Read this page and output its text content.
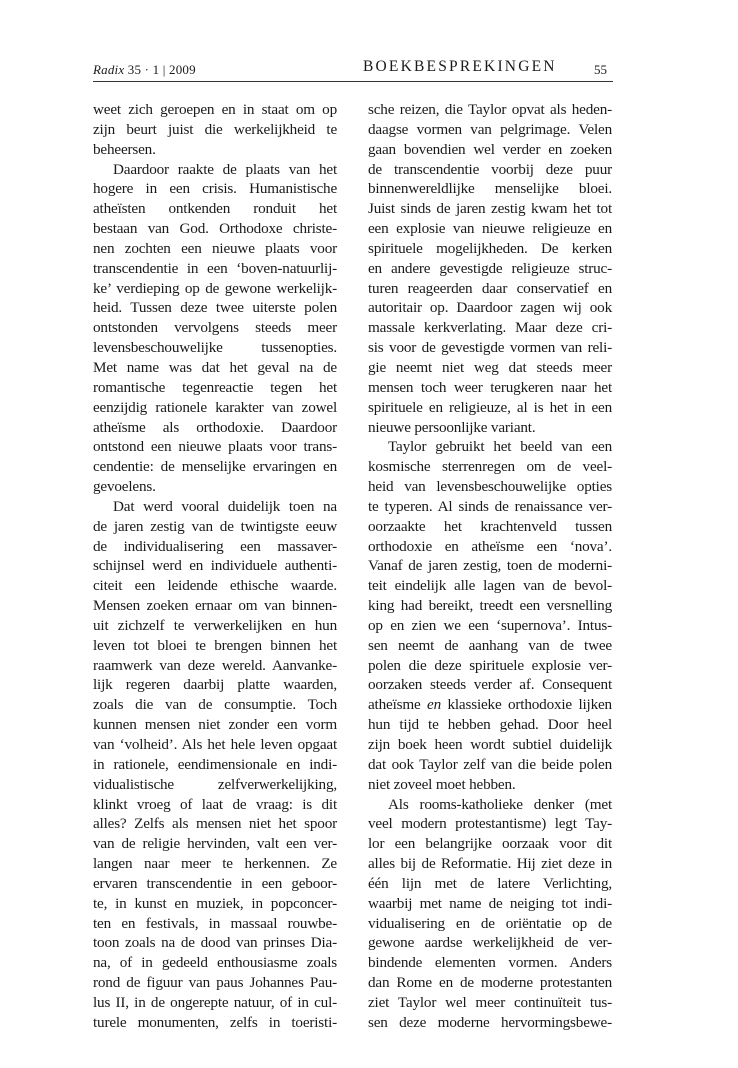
Radix 35 · 1 | 2009	BOEKBESPREKINGEN	55
weet zich geroepen en in staat om op
zijn beurt juist die werkelijkheid te
beheersen.
Daardoor raakte de plaats van het
hogere in een crisis. Humanistische
atheïsten ontkenden ronduit het
bestaan van God. Orthodoxe christe-
nen zochten een nieuwe plaats voor
transcendentie in een ‘boven-natuurlij-
ke’ verdieping op de gewone werkelijk-
heid. Tussen deze twee uiterste polen
ontstonden vervolgens steeds meer
levensbeschouwelijke tussenopties.
Met name was dat het geval na de
romantische tegenreactie tegen het
eenzijdig rationele karakter van zowel
atheïsme als orthodoxie. Daardoor
ontstond een nieuwe plaats voor trans-
cendentie: de menselijke ervaringen en
gevoelens.
Dat werd vooral duidelijk toen na
de jaren zestig van de twintigste eeuw
de individualisering een massaver-
schijnsel werd en individuele authenti-
citeit een leidende ethische waarde.
Mensen zoeken ernaar om van binnen-
uit zichzelf te verwerkelijken en hun
leven tot bloei te brengen binnen het
raamwerk van deze wereld. Aanvanke-
lijk regeren daarbij platte waarden,
zoals die van de consumptie. Toch
kunnen mensen niet zonder een vorm
van ‘volheid’. Als het hele leven opgaat
in rationele, eendimensionale en indi-
vidualistische zelfverwerkelijking,
klinkt vroeg of laat de vraag: is dit
alles? Zelfs als mensen niet het spoor
van de religie hervinden, valt een ver-
langen naar meer te herkennen. Ze
ervaren transcendentie in een geboor-
te, in kunst en muziek, in popconcer-
ten en festivals, in massaal rouwbe-
toon zoals na de dood van prinses Dia-
na, of in gedeeld enthousiasme zoals
rond de figuur van paus Johannes Pau-
lus II, in de ongerepte natuur, of in cul-
turele monumenten, zelfs in toeristi-
sche reizen, die Taylor opvat als heden-
daagse vormen van pelgrimage. Velen
gaan bovendien wel verder en zoeken
de transcendentie voorbij deze puur
binnenwereldlijke menselijke bloei.
Juist sinds de jaren zestig kwam het tot
een explosie van nieuwe religieuze en
spirituele mogelijkheden. De kerken
en andere gevestigde religieuze struc-
turen reageerden daar conservatief en
autoritair op. Daardoor zagen wij ook
massale kerkverlating. Maar deze cri-
sis voor de gevestigde vormen van reli-
gie neemt niet weg dat steeds meer
mensen toch weer terugkeren naar het
spirituele en religieuze, al is het in een
nieuwe persoonlijke variant.
Taylor gebruikt het beeld van een
kosmische sterrenregen om de veel-
heid van levensbeschouwelijke opties
te typeren. Al sinds de renaissance ver-
oorzaakte het krachtenveld tussen
orthodoxie en atheïsme een ‘nova’.
Vanaf de jaren zestig, toen de moderni-
teit eindelijk alle lagen van de bevol-
king had bereikt, treedt een versnelling
op en zien we een ‘supernova’. Intus-
sen neemt de aanhang van de twee
polen die deze spirituele explosie ver-
oorzaken steeds verder af. Consequent
atheïsme en klassieke orthodoxie lijken
hun tijd te hebben gehad. Door heel
zijn boek heen wordt subtiel duidelijk
dat ook Taylor zelf van die beide polen
niet zoveel moet hebben.
Als rooms-katholieke denker (met
veel modern protestantisme) legt Tay-
lor een belangrijke oorzaak voor dit
alles bij de Reformatie. Hij ziet deze in
één lijn met de latere Verlichting,
waarbij met name de neiging tot indi-
vidualisering en de oriëntatie op de
gewone aardse werkelijkheid de ver-
bindende elementen vormen. Anders
dan Rome en de moderne protestanten
ziet Taylor wel meer continuïteit tus-
sen deze moderne hervormingsbewe-
